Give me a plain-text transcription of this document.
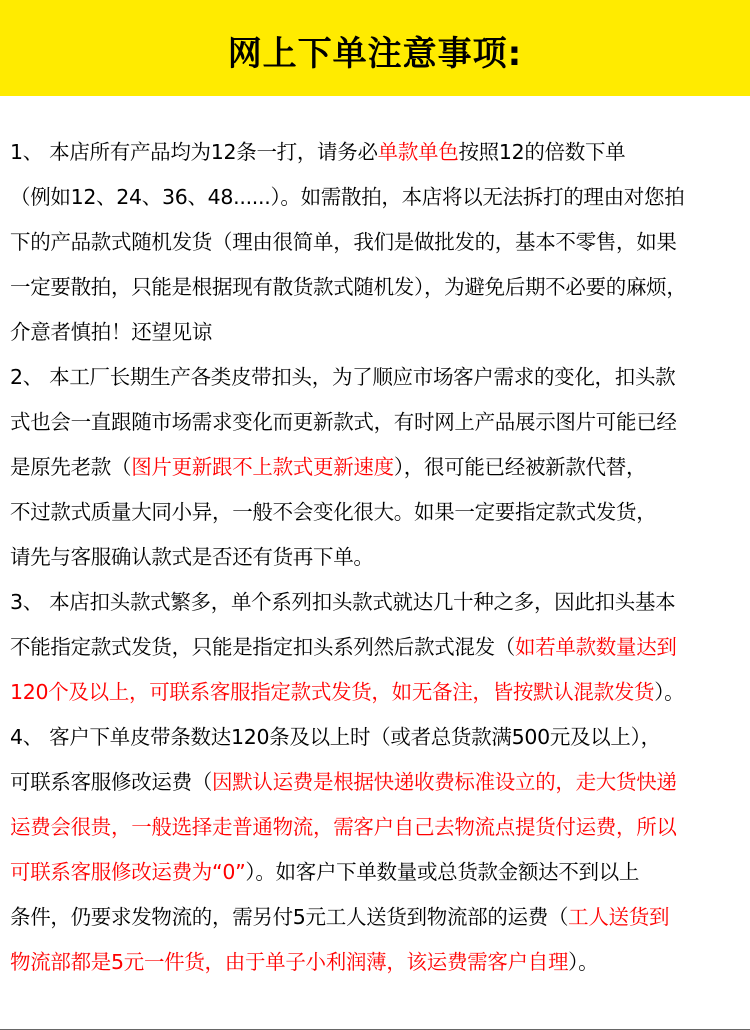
网上下单注意事项:
1、 本店所有产品均为12条一打，请务必单款单色按照12的倍数下单
（例如12、24、36、48......）。如需散拍，本店将以无法拆打的理由对您拍
下的产品款式随机发货（理由很简单，我们是做批发的，基本不零售，如果
一定要散拍，只能是根据现有散货款式随机发），为避免后期不必要的麻烦，
介意者慎拍！还望见谅
2、 本工厂长期生产各类皮带扣头，为了顺应市场客户需求的变化，扣头款
式也会一直跟随市场需求变化而更新款式，有时网上产品展示图片可能已经
是原先老款（图片更新跟不上款式更新速度），很可能已经被新款代替，
不过款式质量大同小异，一般不会变化很大。如果一定要指定款式发货，
请先与客服确认款式是否还有货再下单。
3、 本店扣头款式繁多，单个系列扣头款式就达几十种之多，因此扣头基本
不能指定款式发货，只能是指定扣头系列然后款式混发（如若单款数量达到
120个及以上，可联系客服指定款式发货，如无备注，皆按默认混款发货）。
4、 客户下单皮带条数达120条及以上时（或者总货款满500元及以上），
可联系客服修改运费（因默认运费是根据快递收费标准设立的，走大货快递
运费会很贵，一般选择走普通物流，需客户自己去物流点提货付运费，所以
可联系客服修改运费为“0”）。如客户下单数量或总货款金额达不到以上
条件，仍要求发物流的，需另付5元工人送货到物流部的运费（工人送货到
物流部都是5元一件货，由于单子小利润薄，该运费需客户自理）。
